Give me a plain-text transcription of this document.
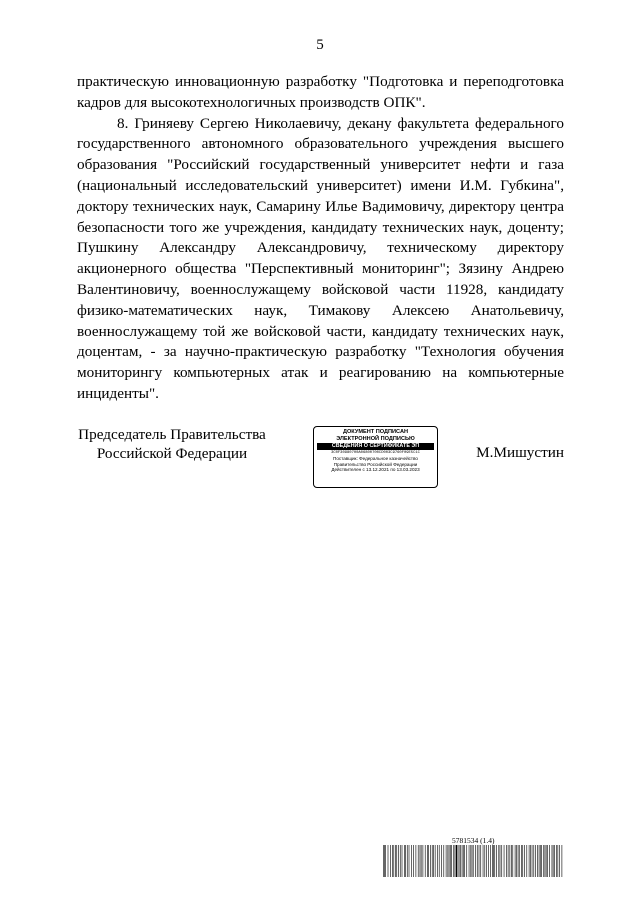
5

практическую инновационную разработку "Подготовка и переподготовка кадров для высокотехнологичных производств ОПК".

8. Гриняеву Сергею Николаевичу, декану факультета федерального государственного автономного образовательного учреждения высшего образования "Российский государственный университет нефти и газа (национальный исследовательский университет) имени И.М. Губкина", доктору технических наук, Самарину Илье Вадимовичу, директору центра безопасности того же учреждения, кандидату технических наук, доценту; Пушкину Александру Александровичу, техническому директору акционерного общества "Перспективный мониторинг"; Зязину Андрею Валентиновичу, военнослужащему войсковой части 11928, кандидату физико-математических наук, Тимакову Алексею Анатольевичу, военнослужащему той же войсковой части, кандидату технических наук, доцентам, - за научно-практическую разработку "Технология обучения мониторингу компьютерных атак и реагированию на компьютерные инциденты".

Председатель Правительства
Российской Федерации
ДОКУМЕНТ ПОДПИСАН
ЭЛЕКТРОННОЙ ПОДПИСЬЮ
СВЕДЕНИЯ О СЕРТИФИКАТЕ ЭП
3C0F30980700A06800700CD003C9760F09E5C1C
Поставщик: Федеральное казначейство
Правительство Российской Федерации
Действителен с 13.12.2021 по 13.03.2023
М.Мишустин
5781534 (1.4)
